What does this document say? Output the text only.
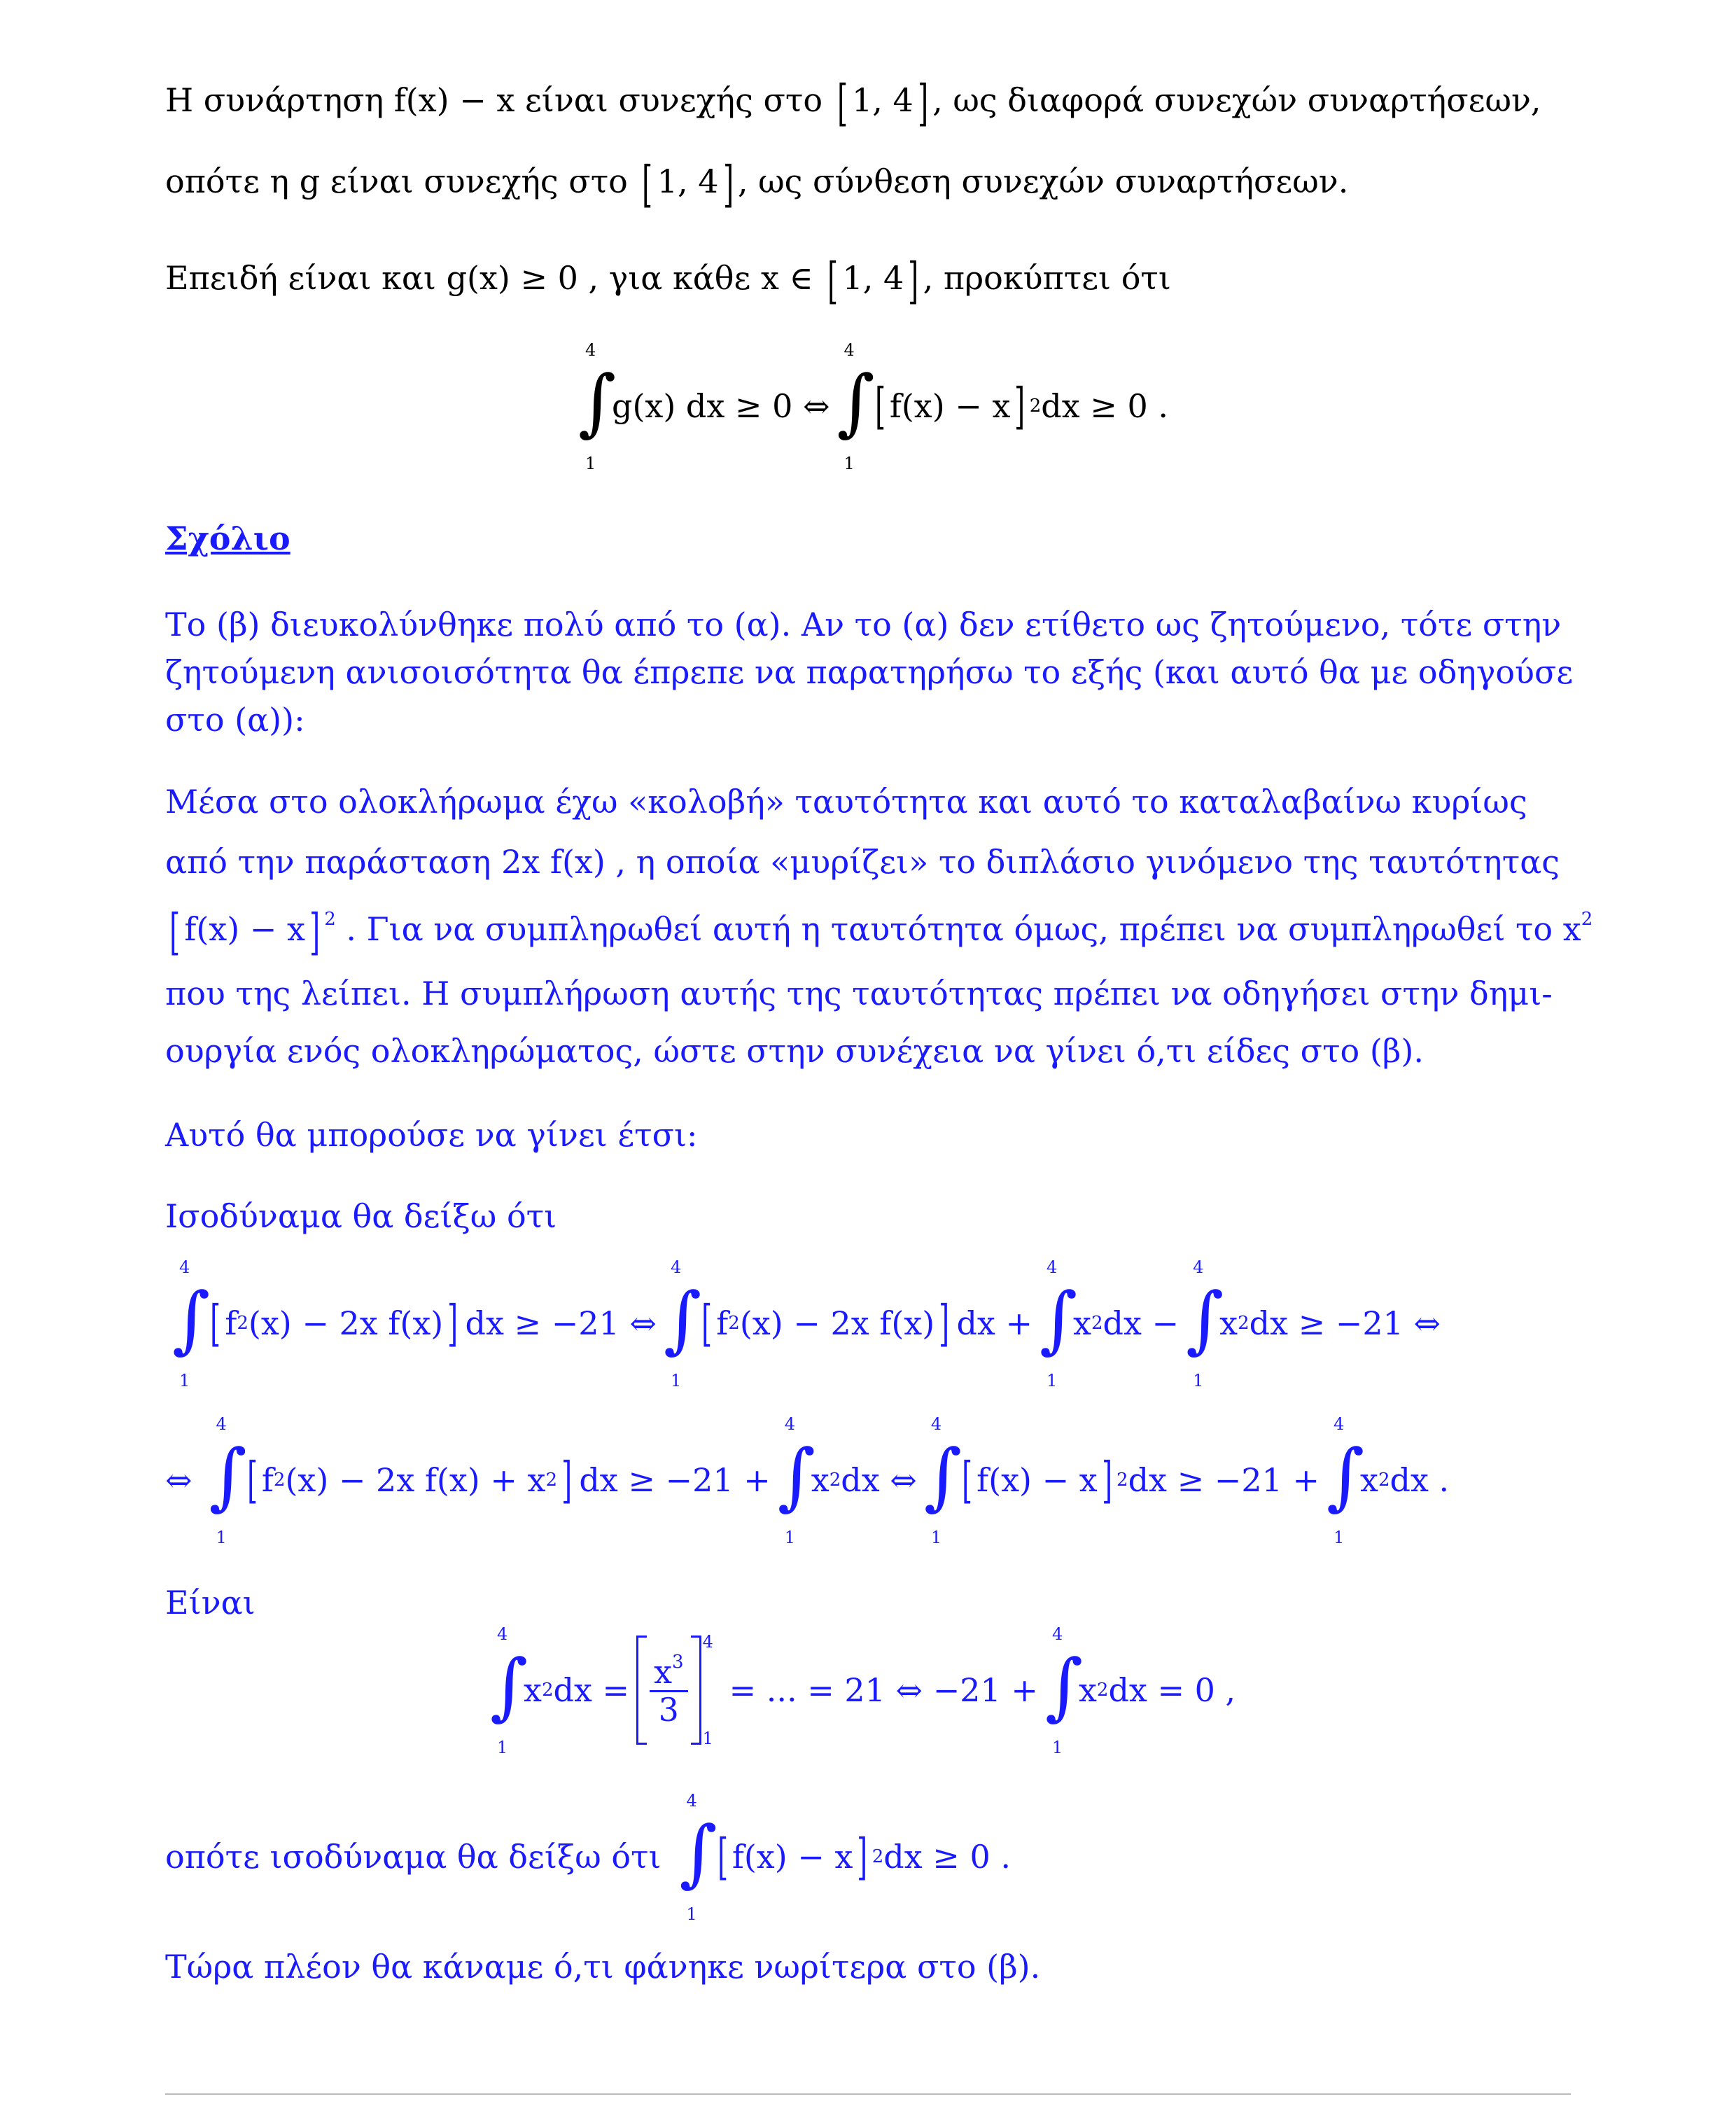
Η συνάρτηση f(x) − x είναι συνεχής στο [ 1, 4] , ως διαφορά συνεχών συναρτήσεων,
οπότε η g είναι συνεχής στο [ 1, 4] , ως σύνθεση συνεχών συναρτήσεων.
Επειδή είναι και g(x) ≥ 0 , για κάθε x ∈ [ 1, 4] , προκύπτει ότι
∫
4
1
g(x) dx ≥ 0 ⇔ ∫
4
1
[ f(x) − x ] 2 dx ≥ 0 .
Σχόλιο
Το (β) διευκολύνθηκε πολύ από το (α). Αν το (α) δεν ετίθετο ως ζητούμενο, τότε στην
ζητούμενη ανισοισότητα θα έπρεπε να παρατηρήσω το εξής (και αυτό θα με οδηγούσε
στο (α)):
Μέσα στο ολοκλήρωμα έχω «κολοβή» ταυτότητα και αυτό το καταλαβαίνω κυρίως
από την παράσταση 2x f(x) , η οποία «μυρίζει» το διπλάσιο γινόμενο της ταυτότητας
[ f(x) − x] $^2$ . Για να συμπληρωθεί αυτή η ταυτότητα όμως, πρέπει να συμπληρωθεί το $x^2$
που της λείπει. Η συμπλήρωση αυτής της ταυτότητας πρέπει να οδηγήσει στην δημι-
ουργία ενός ολοκληρώματος, ώστε στην συνέχεια να γίνει ό,τι είδες στο (β).
Αυτό θα μπορούσε να γίνει έτσι:
Ισοδύναμα θα δείξω ότι
∫
4
1
[ f 2 (x) − 2x f(x) ] dx ≥ −21 ⇔ ∫
4
1
[ f 2 (x) − 2x f(x) ] dx + ∫
4
1
x 2 dx − ∫
4
1
x 2 dx ≥ −21 ⇔
⇔ ∫
4
1
[ f 2 (x) − 2x f(x) + x 2 ] dx ≥ −21 + ∫
4
1
x 2 dx ⇔ ∫
4
1
[ f(x) − x ] 2 dx ≥ −21 + ∫
4
1
x 2 dx .
Είναι
∫
4
1
x 2 dx = $\frac{x^3}{3}$
4
1
= ... = 21 ⇔ −21 + ∫
4
1
x 2 dx = 0 ,
οπότε ισοδύναμα θα δείξω ότι ∫
4
1
[ f(x) − x ] 2 dx ≥ 0 .
Τώρα πλέον θα κάναμε ό,τι φάνηκε νωρίτερα στο (β).
